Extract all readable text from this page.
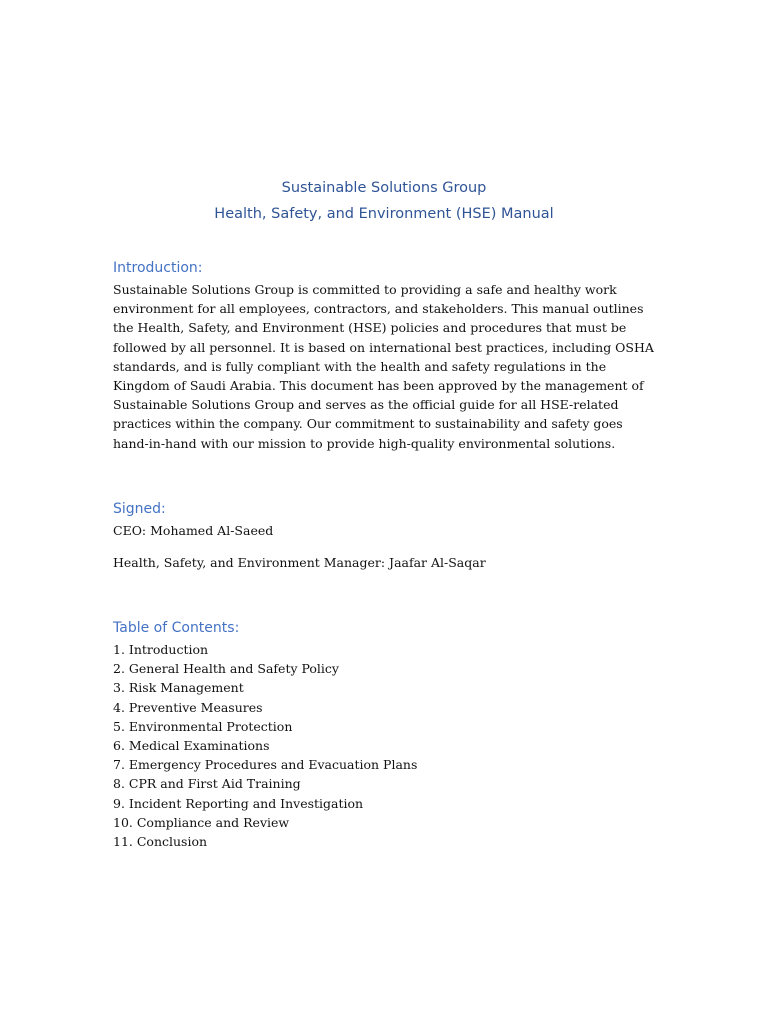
Sustainable Solutions Group
Health, Safety, and Environment (HSE) Manual
Introduction:

Sustainable Solutions Group is committed to providing a safe and healthy work environment for all employees, contractors, and stakeholders. This manual outlines the Health, Safety, and Environment (HSE) policies and procedures that must be followed by all personnel. It is based on international best practices, including OSHA standards, and is fully compliant with the health and safety regulations in the Kingdom of Saudi Arabia. This document has been approved by the management of Sustainable Solutions Group and serves as the official guide for all HSE-related practices within the company. Our commitment to sustainability and safety goes hand-in-hand with our mission to provide high-quality environmental solutions.

Signed:

CEO: Mohamed Al-Saeed

Health, Safety, and Environment Manager: Jaafar Al-Saqar

Table of Contents:
1. Introduction
2. General Health and Safety Policy
3. Risk Management
4. Preventive Measures
5. Environmental Protection
6. Medical Examinations
7. Emergency Procedures and Evacuation Plans
8. CPR and First Aid Training
9. Incident Reporting and Investigation
10. Compliance and Review
11. Conclusion
